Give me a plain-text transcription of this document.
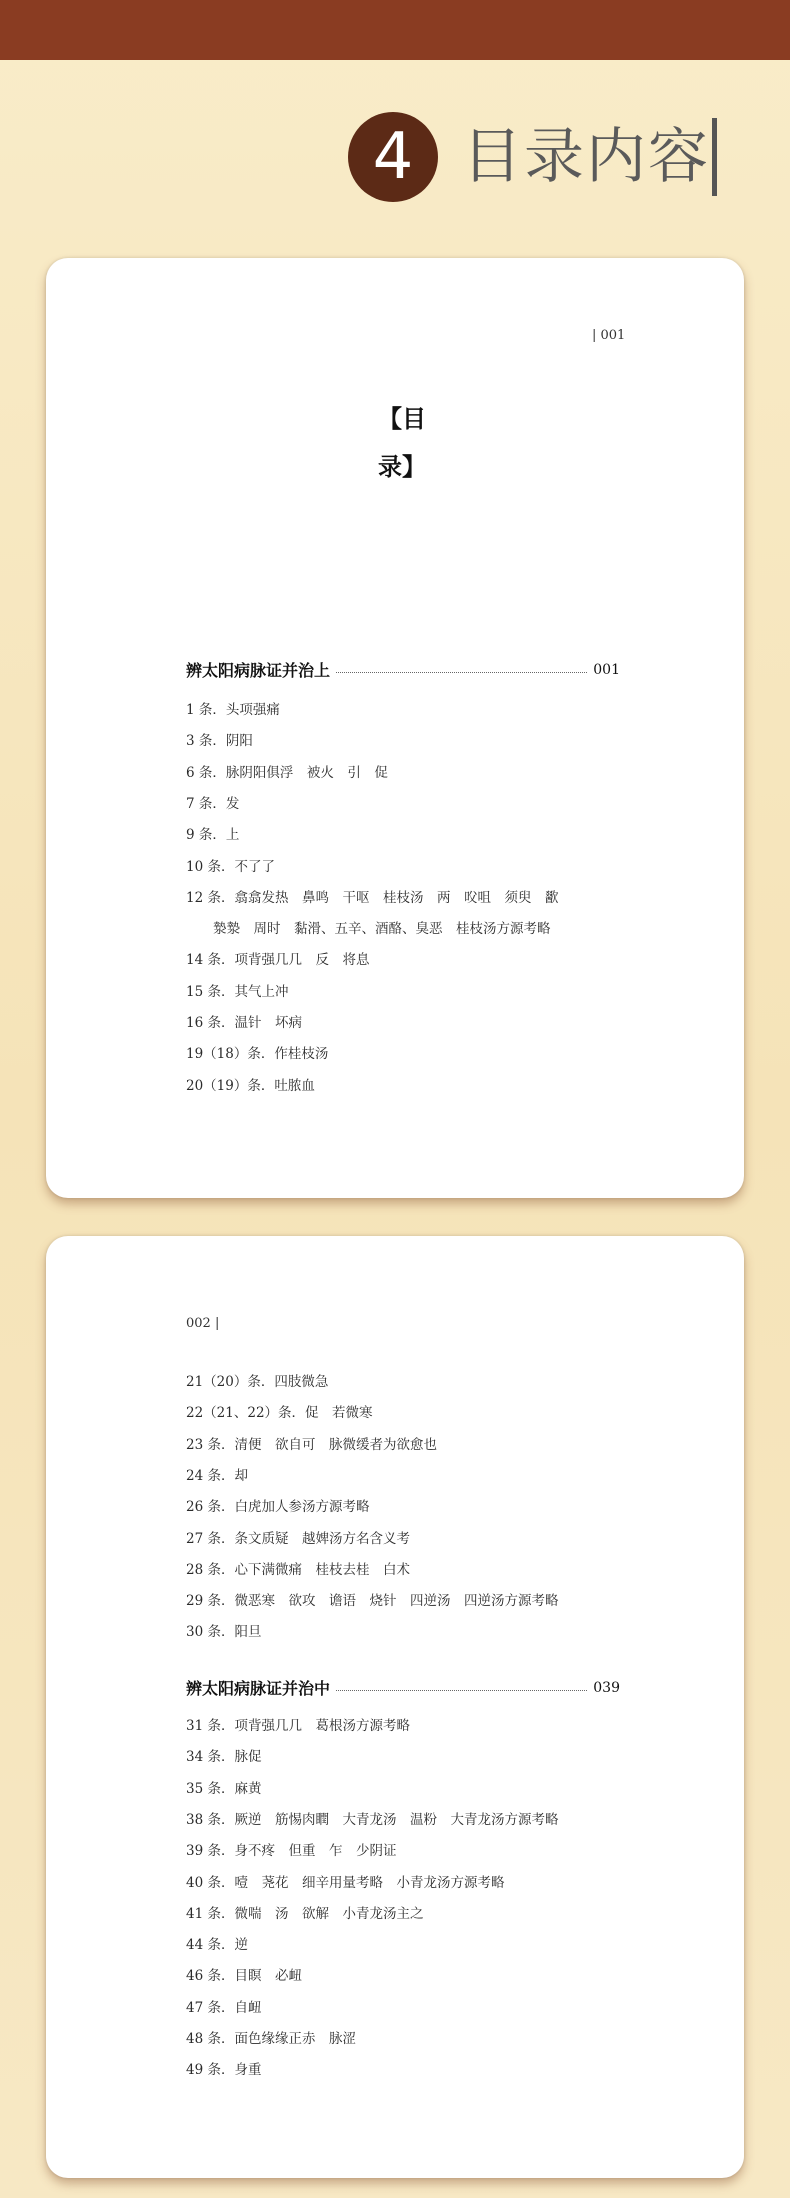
4 目录内容
| 001
【目
录】
辨太阳病脉证并治上	001
1 条．头项强痛
3 条．阴阳
6 条．脉阴阳俱浮　被火　引　促
7 条．发
9 条．上
10 条．不了了
12 条．翕翕发热　鼻鸣　干呕　桂枝汤　两　㕮咀　须臾　歠
　　漐漐　周时　黏滑、五辛、酒酪、臭恶　桂枝汤方源考略
14 条．项背强几几　反　将息
15 条．其气上冲
16 条．温针　坏病
19（18）条．作桂枝汤
20（19）条．吐脓血
002 |
21（20）条．四肢微急
22（21、22）条．促　若微寒
23 条．清便　欲自可　脉微缓者为欲愈也
24 条．却
26 条．白虎加人参汤方源考略
27 条．条文质疑　越婢汤方名含义考
28 条．心下满微痛　桂枝去桂　白术
29 条．微恶寒　欲攻　谵语　烧针　四逆汤　四逆汤方源考略
30 条．阳旦
辨太阳病脉证并治中	039
31 条．项背强几几　葛根汤方源考略
34 条．脉促
35 条．麻黄
38 条．厥逆　筋惕肉瞤　大青龙汤　温粉　大青龙汤方源考略
39 条．身不疼　但重　乍　少阴证
40 条．噎　荛花　细辛用量考略　小青龙汤方源考略
41 条．微喘　汤　欲解　小青龙汤主之
44 条．逆
46 条．目瞑　必衄
47 条．自衄
48 条．面色缘缘正赤　脉涩
49 条．身重
